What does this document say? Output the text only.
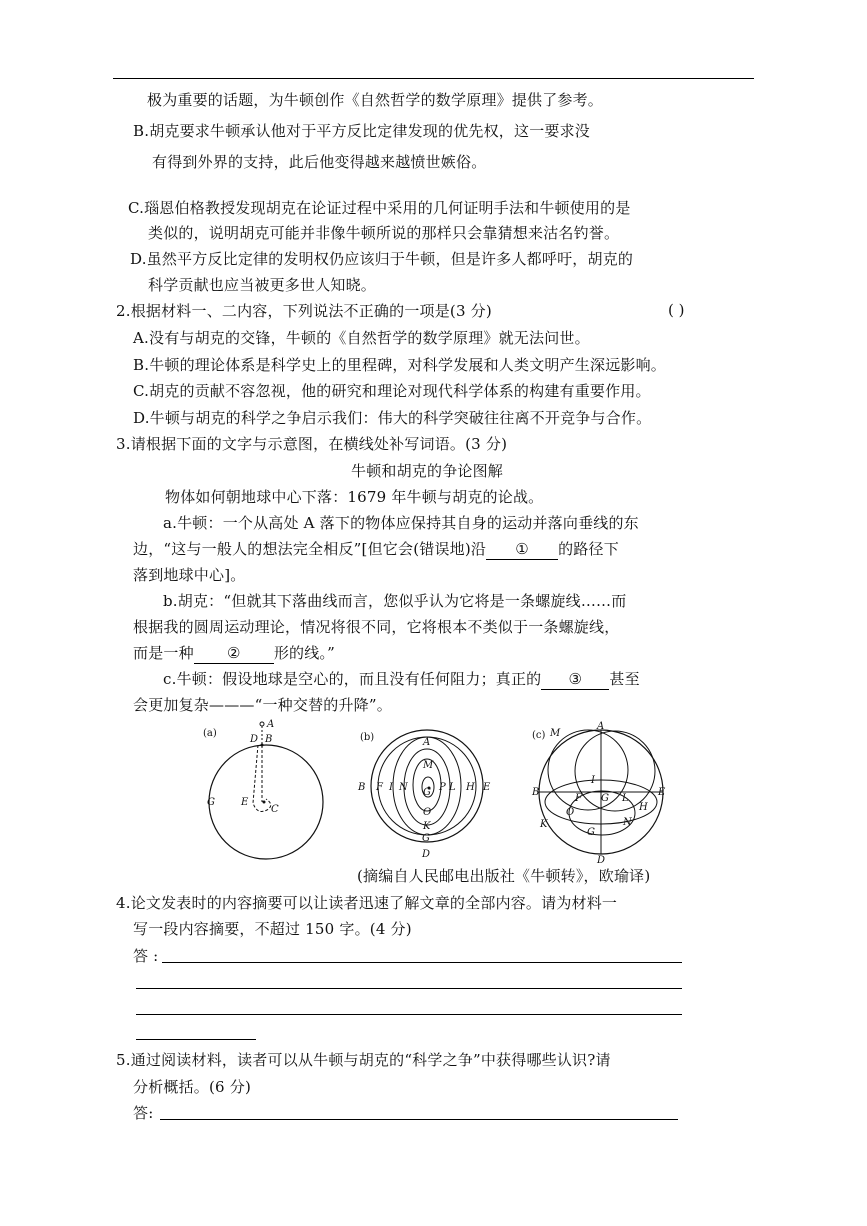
极为重要的话题，为牛顿创作《自然哲学的数学原理》提供了参考。
B.胡克要求牛顿承认他对于平方反比定律发现的优先权，这一要求没
有得到外界的支持，此后他变得越来越愤世嫉俗。
C.瑙恩伯格教授发现胡克在论证过程中采用的几何证明手法和牛顿使用的是
类似的，说明胡克可能并非像牛顿所说的那样只会靠猜想来沽名钓誉。
D.虽然平方反比定律的发明权仍应该归于牛顿，但是许多人都呼吁，胡克的
科学贡献也应当被更多世人知晓。
2.根据材料一、二内容，下列说法不正确的一项是(3 分)	( )
A.没有与胡克的交锋，牛顿的《自然哲学的数学原理》就无法问世。
B.牛顿的理论体系是科学史上的里程碑，对科学发展和人类文明产生深远影响。
C.胡克的贡献不容忽视，他的研究和理论对现代科学体系的构建有重要作用。
D.牛顿与胡克的科学之争启示我们：伟大的科学突破往往离不开竞争与合作。
3.请根据下面的文字与示意图，在横线处补写词语。(3 分)
牛顿和胡克的争论图解
物体如何朝地球中心下落：1679 年牛顿与胡克的论战。
a.牛顿：一个从高处 A 落下的物体应保持其自身的运动并落向垂线的东
边，“这与一般人的想法完全相反”[但它会(错误地)沿 ① 的路径下
落到地球中心]。
b.胡克：“但就其下落曲线而言，您似乎认为它将是一条螺旋线……而
根据我的圆周运动理论，情况将很不同，它将根本不类似于一条螺旋线，
而是一种 ② 形的线。”
c.牛顿：假设地球是空心的，而且没有任何阻力；真正的 ③ 甚至
会更加复杂———“一种交替的升降”。
(a)
A
D B
G	E
C
(b)	A
M
B F I N G P L H E
O
K
G
D
(c) M
A
I
B
F G L
E
H
O
K
G
N
D
(摘编自人民邮电出版社《牛顿转》，欧瑜译)
4.论文发表时的内容摘要可以让读者迅速了解文章的全部内容。请为材料一
写一段内容摘要，不超过 150 字。(4 分)
答 :
5.通过阅读材料，读者可以从牛顿与胡克的“科学之争”中获得哪些认识?请
分析概括。(6 分)
答:
